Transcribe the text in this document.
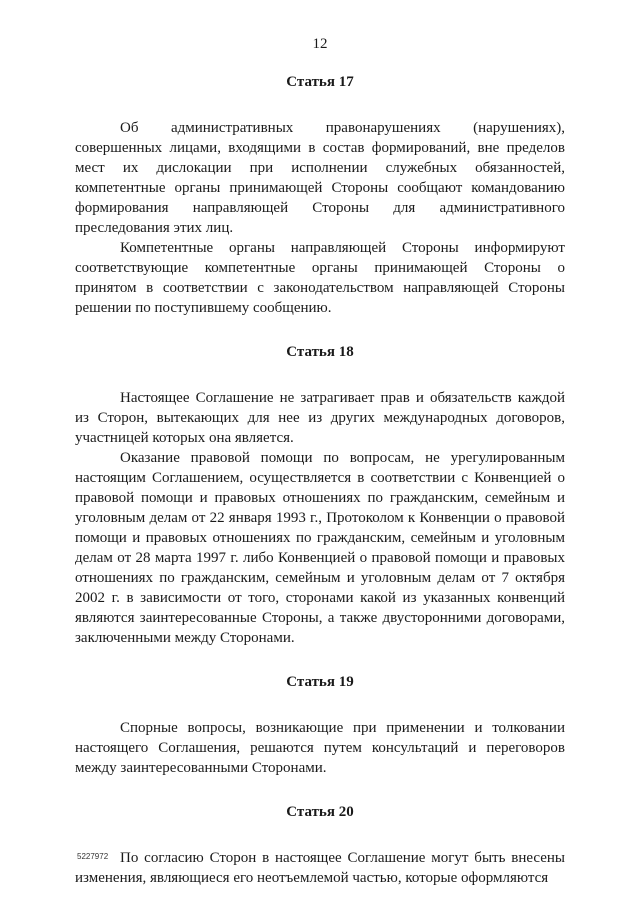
12
Статья 17

Об административных правонарушениях (нарушениях), совершенных лицами, входящими в состав формирований, вне пределов мест их дислокации при исполнении служебных обязанностей, компетентные органы принимающей Стороны сообщают командованию формирования направляющей Стороны для административного преследования этих лиц.

Компетентные органы направляющей Стороны информируют соответствующие компетентные органы принимающей Стороны о принятом в соответствии с законодательством направляющей Стороны решении по поступившему сообщению.

Статья 18

Настоящее Соглашение не затрагивает прав и обязательств каждой из Сторон, вытекающих для нее из других международных договоров, участницей которых она является.

Оказание правовой помощи по вопросам, не урегулированным настоящим Соглашением, осуществляется в соответствии с Конвенцией о правовой помощи и правовых отношениях по гражданским, семейным и уголовным делам от 22 января 1993 г., Протоколом к Конвенции о правовой помощи и правовых отношениях по гражданским, семейным и уголовным делам от 28 марта 1997 г. либо Конвенцией о правовой помощи и правовых отношениях по гражданским, семейным и уголовным делам от 7 октября 2002 г. в зависимости от того, сторонами какой из указанных конвенций являются заинтересованные Стороны, а также двусторонними договорами, заключенными между Сторонами.

Статья 19

Спорные вопросы, возникающие при применении и толковании настоящего Соглашения, решаются путем консультаций и переговоров между заинтересованными Сторонами.

Статья 20

По согласию Сторон в настоящее Соглашение могут быть внесены изменения, являющиеся его неотъемлемой частью, которые оформляются

5227972
